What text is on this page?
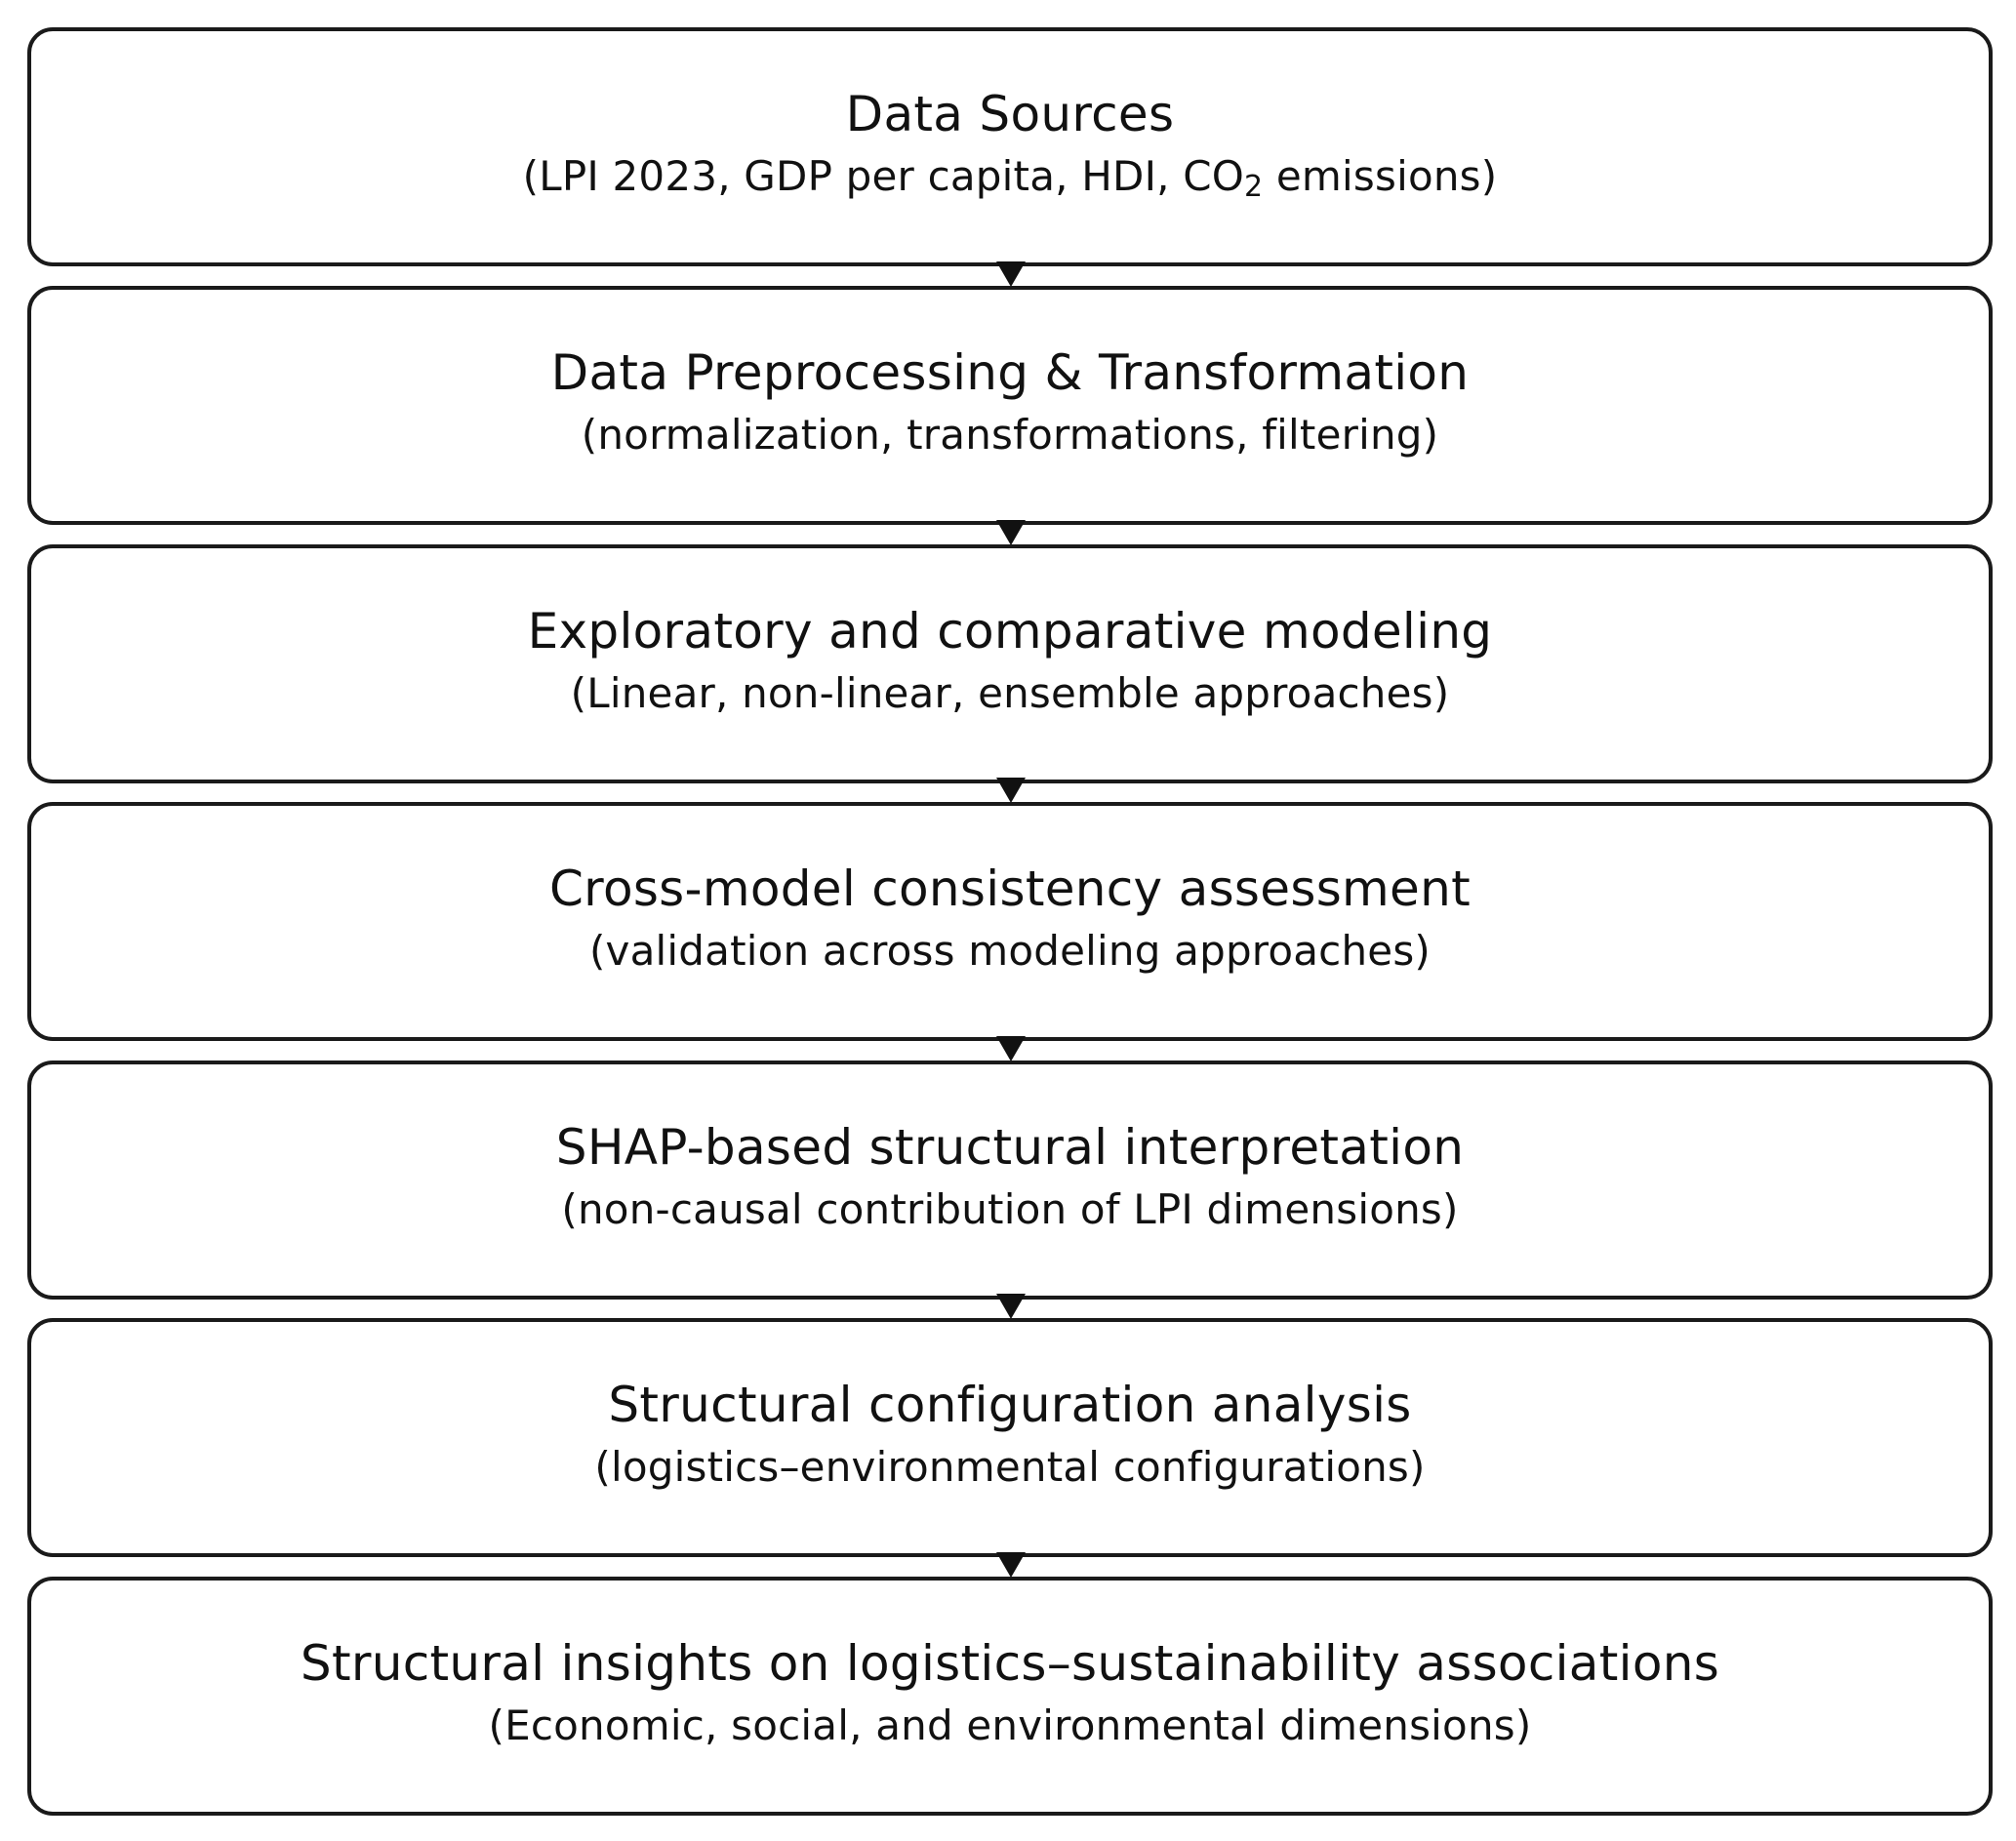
Data Sources
(LPI 2023, GDP per capita, HDI, $CO_2$ emissions)
Data Preprocessing & Transformation
(normalization, transformations, filtering)
Exploratory and comparative modeling
(Linear, non-linear, ensemble approaches)
Cross-model consistency assessment
(validation across modeling approaches)
SHAP-based structural interpretation
(non-causal contribution of LPI dimensions)
Structural configuration analysis
(logistics–environmental configurations)
Structural insights on logistics–sustainability associations
(Economic, social, and environmental dimensions)
